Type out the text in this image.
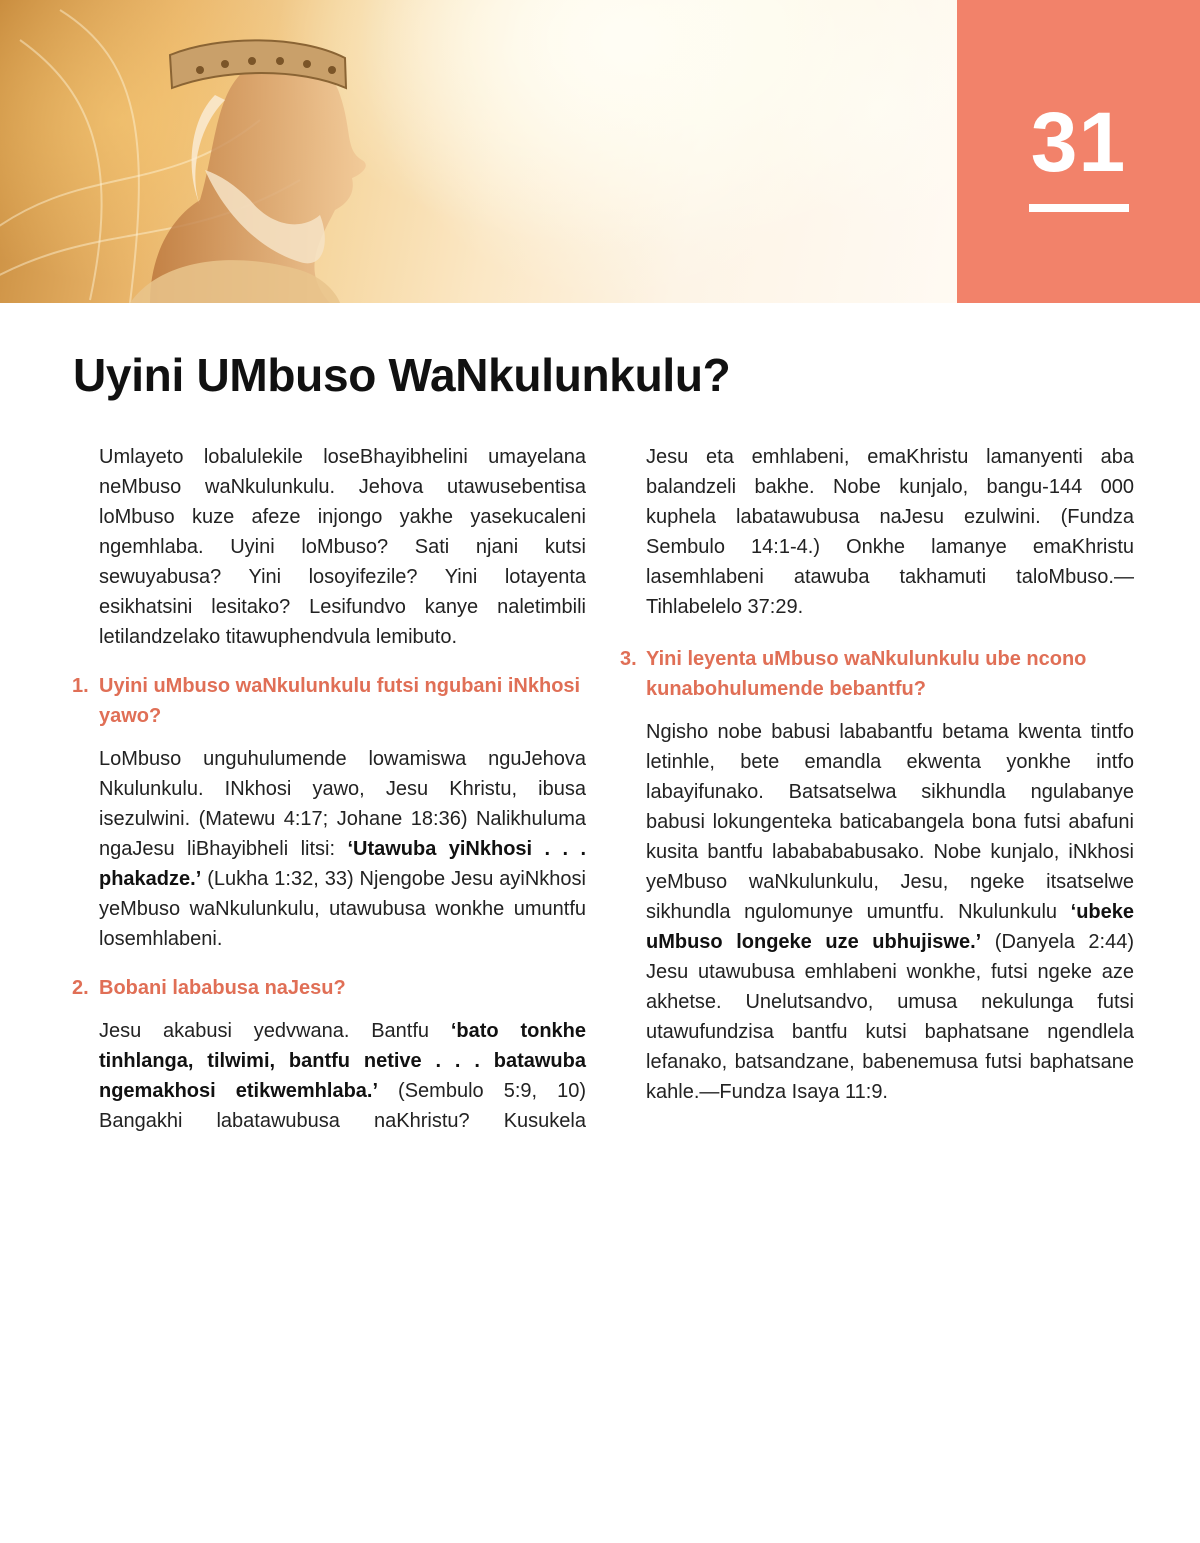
31
Uyini UMbuso WaNkulunkulu?

Umlayeto lobalulekile loseBhayibhelini umayelana neMbuso waNkulunkulu. Jehova utawusebentisa loMbuso kuze afeze injongo yakhe yasekucaleni ngemhlaba. Uyini loMbuso? Sati njani kutsi sewuyabusa? Yini losoyifezile? Yini lotayenta esikhatsini lesitako? Lesifundvo kanye naletimbili letilandzelako titawuphendvula lemibuto.

1. Uyini uMbuso waNkulunkulu futsi ngubani iNkhosi yawo?

LoMbuso unguhulumende lowamiswa nguJehova Nkulunkulu. INkhosi yawo, Jesu Khristu, ibusa isezulwini. (Matewu 4:17; Johane 18:36) Nalikhuluma ngaJesu liBhayibheli litsi: ‘Utawuba yiNkhosi . . . phakadze.’ (Lukha 1:32, 33) Njengobe Jesu ayiNkhosi yeMbuso waNkulunkulu, utawubusa wonkhe umuntfu losemhlabeni.

2. Bobani lababusa naJesu?

Jesu akabusi yedvwana. Bantfu ‘bato tonkhe tinhlanga, tilwimi, bantfu netive . . . batawuba ngemakhosi etikwemhlaba.’ (Sembulo 5:9, 10) Bangakhi labatawubusa naKhristu? Kusukela

Jesu eta emhlabeni, emaKhristu lamanyenti aba balandzeli bakhe. Nobe kunjalo, bangu-144 000 kuphela labatawubusa naJesu ezulwini. (Fundza Sembulo 14:1-4.) Onkhe lamanye emaKhristu lasemhlabeni atawuba takhamuti taloMbuso.—Tihlabelelo 37:29.

3. Yini leyenta uMbuso waNkulunkulu ube ncono kunabohulumende bebantfu?

Ngisho nobe babusi lababantfu betama kwenta tintfo letinhle, bete emandla ekwenta yonkhe intfo labayifunako. Batsatselwa sikhundla ngulabanye babusi lokungenteka baticabangela bona futsi abafuni kusita bantfu lababababusako. Nobe kunjalo, iNkhosi yeMbuso waNkulunkulu, Jesu, ngeke itsatselwe sikhundla ngulomunye umuntfu. Nkulunkulu ‘ubeke uMbuso longeke uze ubhujiswe.’ (Danyela 2:44) Jesu utawubusa emhlabeni wonkhe, futsi ngeke aze akhetse. Unelutsandvo, umusa nekulunga futsi utawufundzisa bantfu kutsi baphatsane ngendlela lefanako, batsandzane, babenemusa futsi baphatsane kahle.—Fundza Isaya 11:9.
